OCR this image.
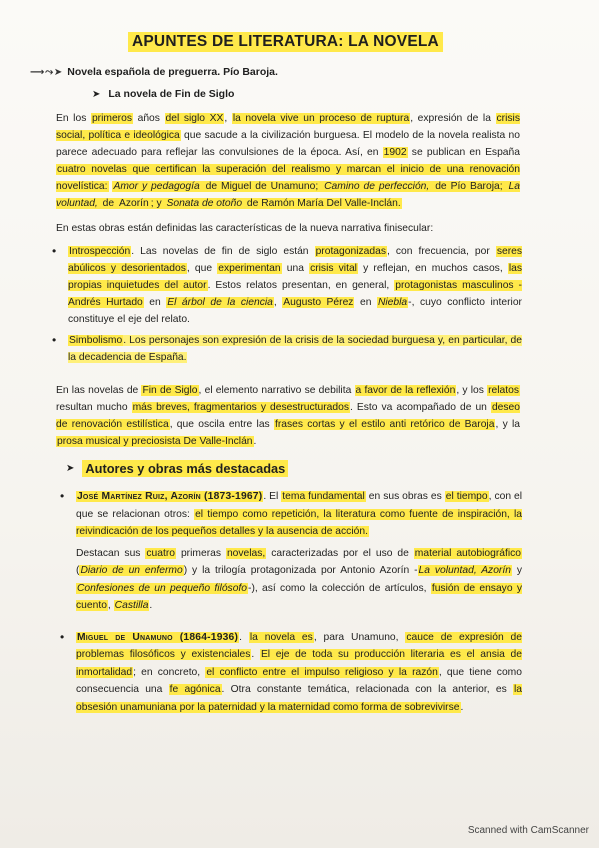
APUNTES DE LITERATURA: LA NOVELA
⟶ ⤳ ➤ Novela española de preguerra. Pío Baroja.
➤ La novela de Fin de Siglo
En los primeros años del siglo XX, la novela vive un proceso de ruptura, expresión de la crisis social, política e ideológica que sacude a la civilización burguesa. El modelo de la novela realista no parece adecuado para reflejar las convulsiones de la época. Así, en 1902 se publican en España cuatro novelas que certifican la superación del realismo y marcan el inicio de una renovación novelística: Amor y pedagogía de Miguel de Unamuno; Camino de perfección, de Pío Baroja; La voluntad, de Azorín ; y Sonata de otoño de Ramón María Del Valle-Inclán.
En estas obras están definidas las características de la nueva narrativa finisecular:
• Introspección. Las novelas de fin de siglo están protagonizadas, con frecuencia, por seres abúlicos y desorientados, que experimentan una crisis vital y reflejan, en muchos casos, las propias inquietudes del autor. Estos relatos presentan, en general, protagonistas masculinos - Andrés Hurtado en El árbol de la ciencia, Augusto Pérez en Niebla-, cuyo conflicto interior constituye el eje del relato.
• Simbolismo. Los personajes son expresión de la crisis de la sociedad burguesa y, en particular, de la decadencia de España.
En las novelas de Fin de Siglo, el elemento narrativo se debilita a favor de la reflexión, y los relatos resultan mucho más breves, fragmentarios y desestructurados. Esto va acompañado de un deseo de renovación estilística, que oscila entre las frases cortas y el estilo anti retórico de Baroja, y la prosa musical y preciosista De Valle-Inclán.
➤ Autores y obras más destacadas
• José Martínez Ruiz, Azorín (1873-1967). El tema fundamental en sus obras es el tiempo, con el que se relacionan otros: el tiempo como repetición, la literatura como fuente de inspiración, la reivindicación de los pequeños detalles y la ausencia de acción.
Destacan sus cuatro primeras novelas, caracterizadas por el uso de material autobiográfico (Diario de un enfermo) y la trilogía protagonizada por Antonio Azorín -La voluntad, Azorín y Confesiones de un pequeño filósofo-), así como la colección de artículos, fusión de ensayo y cuento, Castilla.
• Miguel de Unamuno (1864-1936). la novela es, para Unamuno, cauce de expresión de problemas filosóficos y existenciales. El eje de toda su producción literaria es el ansia de inmortalidad; en concreto, el conflicto entre el impulso religioso y la razón, que tiene como consecuencia una fe agónica. Otra constante temática, relacionada con la anterior, es la obsesión unamuniana por la paternidad y la maternidad como forma de sobrevivirse.
Scanned with CamScanner
